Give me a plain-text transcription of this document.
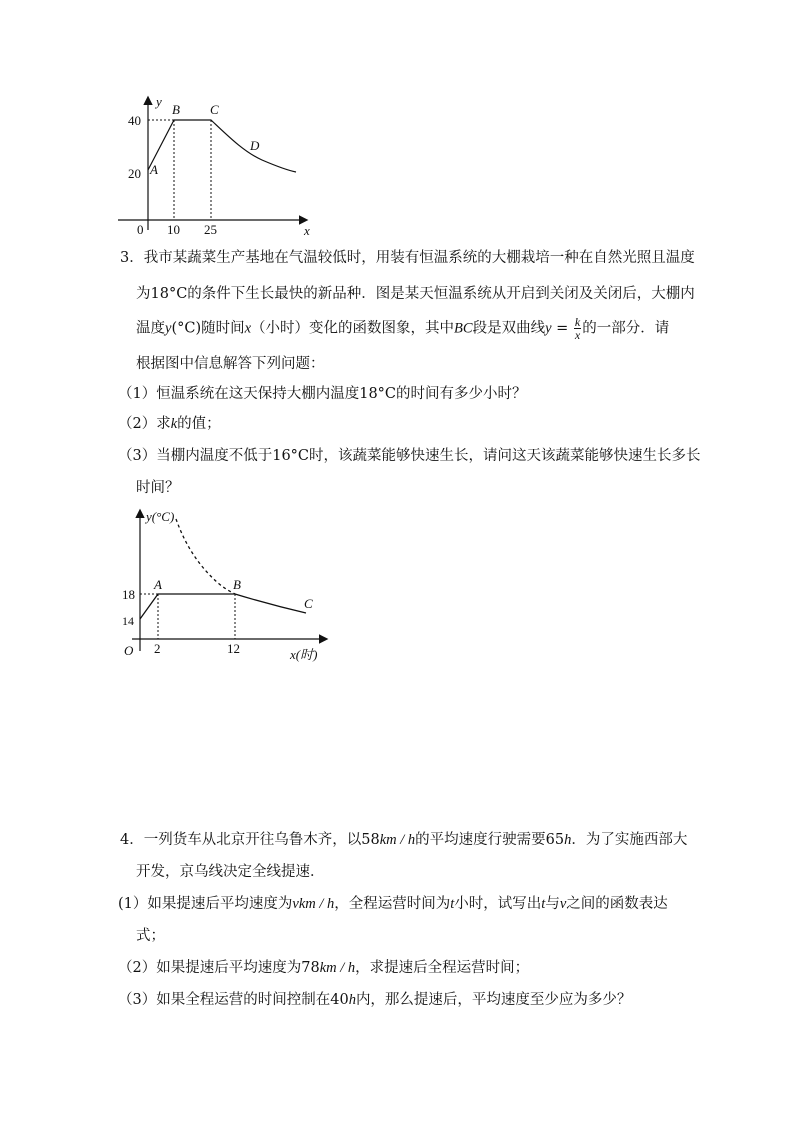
y
x
0
40
20
10 25
A
B C
D
3．我市某蔬菜生产基地在气温较低时，用装有恒温系统的大棚栽培一种在自然光照且温度
为18°C的条件下生长最快的新品种．图是某天恒温系统从开启到关闭及关闭后，大棚内
温度y(°C)随时间x（小时）变化的函数图象，其中BC段是双曲线$y = \frac{k}{x}$ 的一部分．请
根据图中信息解答下列问题：
（1）恒温系统在这天保持大棚内温度18°C的时间有多少小时？
（2）求k的值；
（3）当棚内温度不低于16°C时，该蔬菜能够快速生长，请问这天该蔬菜能够快速生长多长
时间？
y(°C)
x(时)
O
18
14
2	12
A	B
C
4．一列货车从北京开往乌鲁木齐，以58km / h的平均速度行驶需要65h．为了实施西部大
开发，京乌线决定全线提速．
(1）如果提速后平均速度为vkm / h，全程运营时间为t小时，试写出t与v之间的函数表达
式；
（2）如果提速后平均速度为78km / h，求提速后全程运营时间；
（3）如果全程运营的时间控制在40h内，那么提速后，平均速度至少应为多少？
